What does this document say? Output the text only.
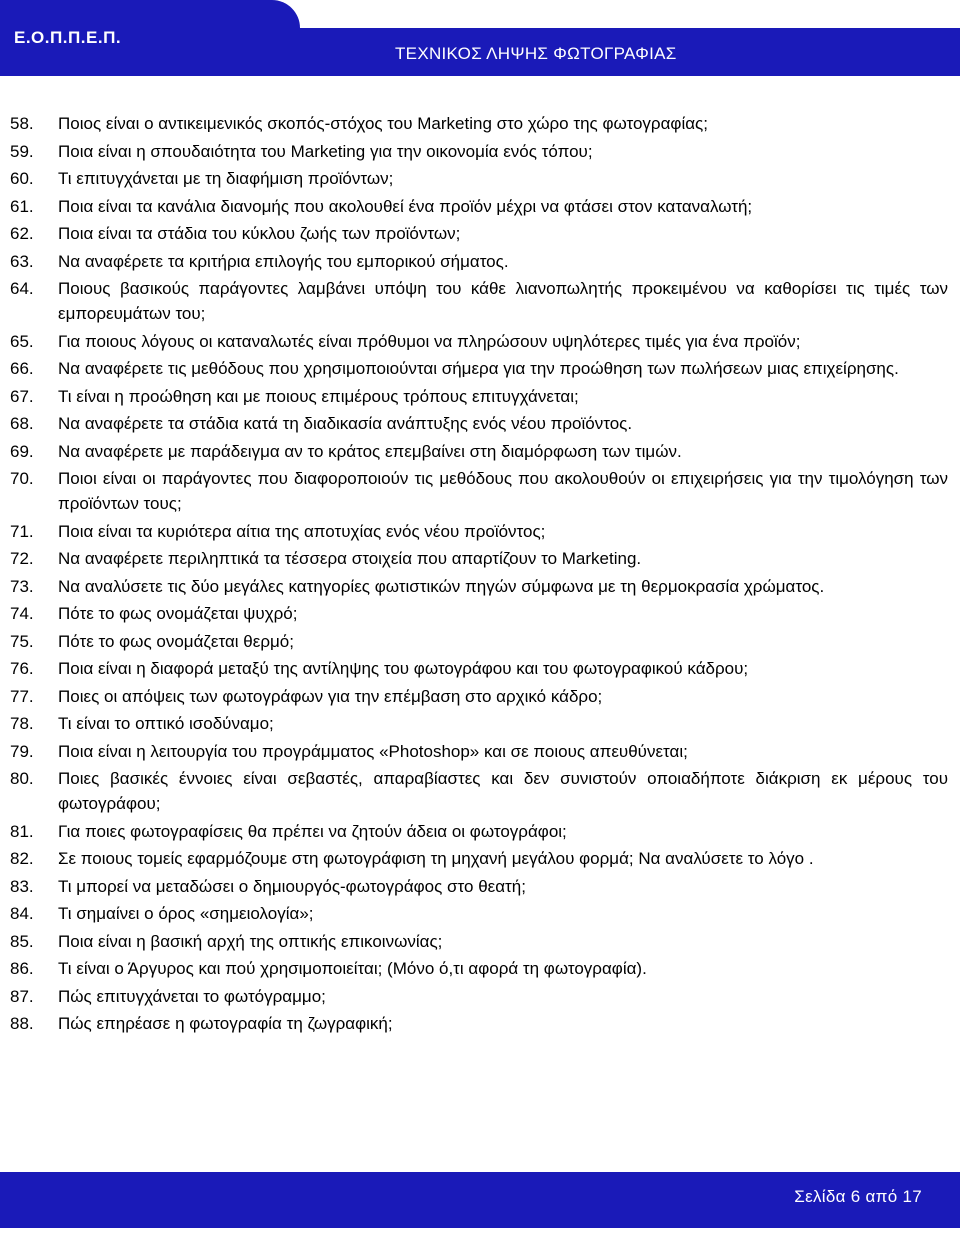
Ε.Ο.Π.Π.Ε.Π.
ΤΕΧΝΙΚΟΣ ΛΗΨΗΣ ΦΩΤΟΓΡΑΦΙΑΣ
58. Ποιος είναι ο αντικειμενικός σκοπός-στόχος του Marketing στο χώρο της φωτογραφίας;
59. Ποια είναι η σπουδαιότητα του Marketing για την οικονομία ενός τόπου;
60. Τι επιτυγχάνεται με τη διαφήμιση προϊόντων;
61. Ποια είναι τα κανάλια διανομής που ακολουθεί ένα προϊόν μέχρι να φτάσει στον καταναλωτή;
62. Ποια είναι τα στάδια του κύκλου ζωής των προϊόντων;
63. Να αναφέρετε τα κριτήρια επιλογής του εμπορικού σήματος.
64. Ποιους βασικούς παράγοντες λαμβάνει υπόψη του κάθε λιανοπωλητής προκειμένου να καθορίσει τις τιμές των εμπορευμάτων του;
65. Για ποιους λόγους οι καταναλωτές είναι πρόθυμοι να πληρώσουν υψηλότερες τιμές για ένα προϊόν;
66. Να αναφέρετε τις μεθόδους που χρησιμοποιούνται σήμερα για την προώθηση των πωλήσεων μιας επιχείρησης.
67. Τι είναι η προώθηση και με ποιους επιμέρους τρόπους επιτυγχάνεται;
68. Να αναφέρετε τα στάδια κατά τη διαδικασία ανάπτυξης ενός νέου προϊόντος.
69. Να αναφέρετε με παράδειγμα αν το κράτος επεμβαίνει στη διαμόρφωση των τιμών.
70. Ποιοι είναι οι παράγοντες που διαφοροποιούν τις μεθόδους που ακολουθούν οι επιχειρήσεις για την τιμολόγηση των προϊόντων τους;
71. Ποια είναι τα κυριότερα αίτια της αποτυχίας ενός νέου προϊόντος;
72. Να αναφέρετε περιληπτικά τα τέσσερα στοιχεία που απαρτίζουν το Marketing.
73. Να αναλύσετε τις δύο μεγάλες κατηγορίες φωτιστικών πηγών σύμφωνα με τη θερμοκρασία χρώματος.
74. Πότε το φως ονομάζεται ψυχρό;
75. Πότε το φως ονομάζεται θερμό;
76. Ποια είναι η διαφορά μεταξύ της αντίληψης του φωτογράφου και του φωτογραφικού κάδρου;
77. Ποιες οι απόψεις των φωτογράφων για την επέμβαση στο αρχικό κάδρο;
78. Τι είναι το οπτικό ισοδύναμο;
79. Ποια είναι η λειτουργία του προγράμματος «Photoshop» και σε ποιους απευθύνεται;
80. Ποιες βασικές έννοιες είναι σεβαστές, απαραβίαστες και δεν συνιστούν οποιαδήποτε διάκριση εκ μέρους του φωτογράφου;
81. Για ποιες φωτογραφίσεις θα πρέπει να ζητούν άδεια οι φωτογράφοι;
82. Σε ποιους τομείς εφαρμόζουμε στη φωτογράφιση τη μηχανή μεγάλου φορμά; Να αναλύσετε το λόγο .
83. Τι μπορεί να μεταδώσει ο δημιουργός-φωτογράφος στο θεατή;
84. Τι σημαίνει ο όρος «σημειολογία»;
85. Ποια είναι η βασική αρχή της οπτικής επικοινωνίας;
86. Τι είναι ο Άργυρος και πού χρησιμοποιείται; (Μόνο ό,τι αφορά τη φωτογραφία).
87. Πώς επιτυγχάνεται το φωτόγραμμο;
88. Πώς επηρέασε η φωτογραφία τη ζωγραφική;
Σελίδα 6 από 17
